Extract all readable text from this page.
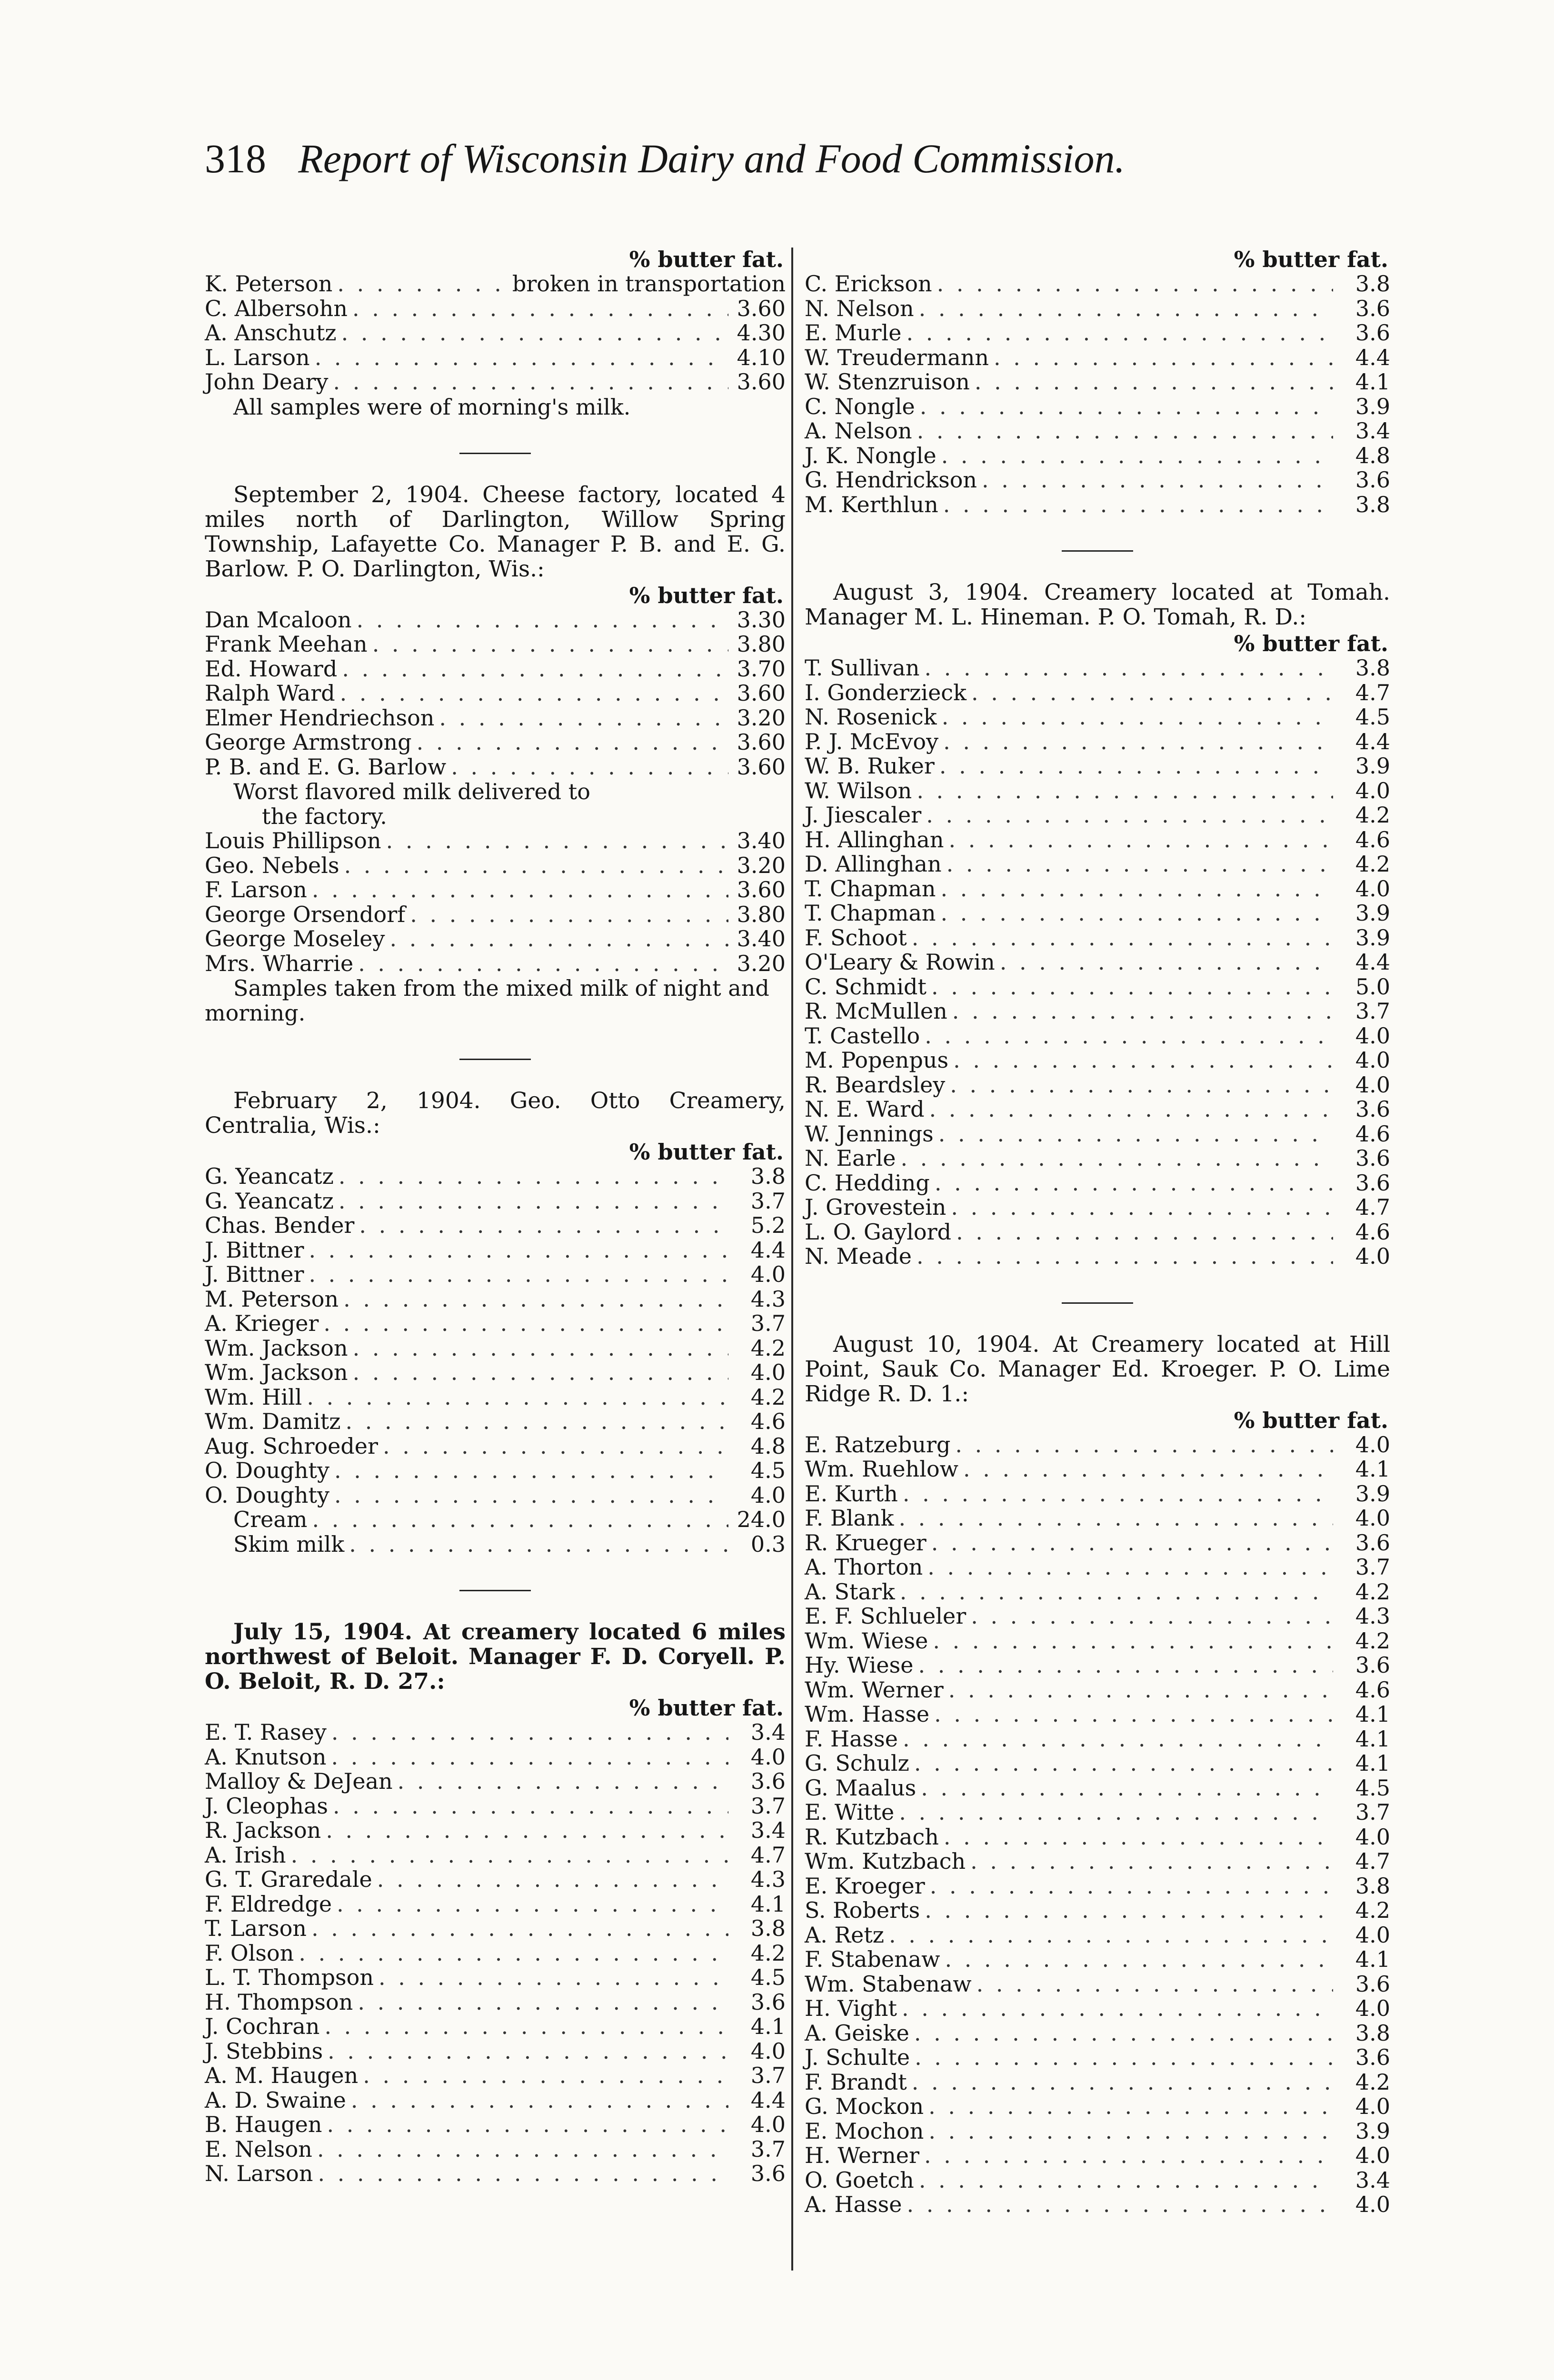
318 Report of Wisconsin Dairy and Food Commission.
% butter fat.
K. Peterson . . .	broken in transportation
C. Albersohn . . .	3.60
A. Anschutz . . .	4.30
L. Larson . . .	4.10
John Deary . . .	3.60
All samples were of morning's milk.
September 2, 1904. Cheese factory, located 4 miles north of Darlington, Willow Spring Township, Lafayette Co. Manager P. B. and E. G. Barlow. P. O. Darlington, Wis.:
% butter fat.
Dan Mcaloon . . .	3.30
Frank Meehan . . .	3.80
Ed. Howard . . .	3.70
Ralph Ward . . .	3.60
Elmer Hendriechson . . .	3.20
George Armstrong . . .	3.60
P. B. and E. G. Barlow . . .	3.60
Worst flavored milk delivered to
the factory.
Louis Phillipson . . .	3.40
Geo. Nebels . . .	3.20
F. Larson . . .	3.60
George Orsendorf . . .	3.80
George Moseley . . .	3.40
Mrs. Wharrie . . .	3.20
Samples taken from the mixed milk of night and morning.
February 2, 1904. Geo. Otto Creamery, Centralia, Wis.:
% butter fat.
G. Yeancatz . . .	3.8
G. Yeancatz . . .	3.7
Chas. Bender . . .	5.2
J. Bittner . . .	4.4
J. Bittner . . .	4.0
M. Peterson . . .	4.3
A. Krieger . . .	3.7
Wm. Jackson . . .	4.2
Wm. Jackson . . .	4.0
Wm. Hill . . .	4.2
Wm. Damitz . . .	4.6
Aug. Schroeder . . .	4.8
O. Doughty . . .	4.5
O. Doughty . . .	4.0
Cream . . .	24.0
Skim milk . . .	0.3
July 15, 1904. At creamery located 6 miles northwest of Beloit. Manager F. D. Coryell. P. O. Beloit, R. D. 27.:
% butter fat.
E. T. Rasey . . .	3.4
A. Knutson . . .	4.0
Malloy & DeJean . . .	3.6
J. Cleophas . . .	3.7
R. Jackson . . .	3.4
A. Irish . . .	4.7
G. T. Graredale . . .	4.3
F. Eldredge . . .	4.1
T. Larson . . .	3.8
F. Olson . . .	4.2
L. T. Thompson . . .	4.5
H. Thompson . . .	3.6
J. Cochran . . .	4.1
J. Stebbins . . .	4.0
A. M. Haugen . . .	3.7
A. D. Swaine . . .	4.4
B. Haugen . . .	4.0
E. Nelson . . .	3.7
N. Larson . . .	3.6
% butter fat.
C. Erickson . . .	3.8
N. Nelson . . .	3.6
E. Murle . . .	3.6
W. Treudermann . . .	4.4
W. Stenzruison . . .	4.1
C. Nongle . . .	3.9
A. Nelson . . .	3.4
J. K. Nongle . . .	4.8
G. Hendrickson . . .	3.6
M. Kerthlun . . .	3.8
August 3, 1904. Creamery located at Tomah. Manager M. L. Hineman. P. O. Tomah, R. D.:
% butter fat.
T. Sullivan . . .	3.8
I. Gonderzieck . . .	4.7
N. Rosenick . . .	4.5
P. J. McEvoy . . .	4.4
W. B. Ruker . . .	3.9
W. Wilson . . .	4.0
J. Jiescaler . . .	4.2
H. Allinghan . . .	4.6
D. Allinghan . . .	4.2
T. Chapman . . .	4.0
T. Chapman . . .	3.9
F. Schoot . . .	3.9
O'Leary & Rowin . . .	4.4
C. Schmidt . . .	5.0
R. McMullen . . .	3.7
T. Castello . . .	4.0
M. Popenpus . . .	4.0
R. Beardsley . . .	4.0
N. E. Ward . . .	3.6
W. Jennings . . .	4.6
N. Earle . . .	3.6
C. Hedding . . .	3.6
J. Grovestein . . .	4.7
L. O. Gaylord . . .	4.6
N. Meade . . .	4.0
August 10, 1904. At Creamery located at Hill Point, Sauk Co. Manager Ed. Kroeger. P. O. Lime Ridge R. D. 1.:
% butter fat.
E. Ratzeburg . . .	4.0
Wm. Ruehlow . . .	4.1
E. Kurth . . .	3.9
F. Blank . . .	4.0
R. Krueger . . .	3.6
A. Thorton . . .	3.7
A. Stark . . .	4.2
E. F. Schlueler . . .	4.3
Wm. Wiese . . .	4.2
Hy. Wiese . . .	3.6
Wm. Werner . . .	4.6
Wm. Hasse . . .	4.1
F. Hasse . . .	4.1
G. Schulz . . .	4.1
G. Maalus . . .	4.5
E. Witte . . .	3.7
R. Kutzbach . . .	4.0
Wm. Kutzbach . . .	4.7
E. Kroeger . . .	3.8
S. Roberts . . .	4.2
A. Retz . . .	4.0
F. Stabenaw . . .	4.1
Wm. Stabenaw . . .	3.6
H. Vight . . .	4.0
A. Geiske . . .	3.8
J. Schulte . . .	3.6
F. Brandt . . .	4.2
G. Mockon . . .	4.0
E. Mochon . . .	3.9
H. Werner . . .	4.0
O. Goetch . . .	3.4
A. Hasse . . .	4.0
